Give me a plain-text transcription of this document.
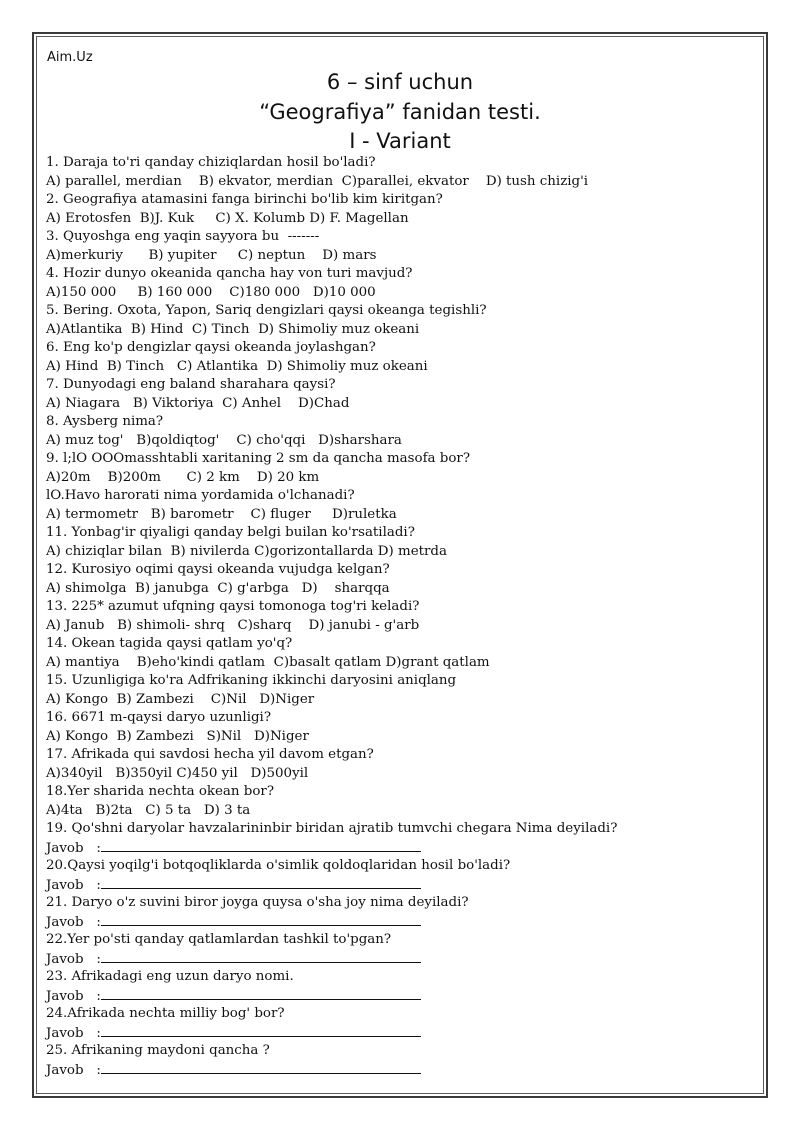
Aim.Uz
6 – sinf uchun
“Geografiya” fanidan testi.
I - Variant
1. Daraja to'ri qanday chiziqlardan hosil bo'ladi?
A) parallel, merdian    B) ekvator, merdian  C)parallei, ekvator    D) tush chizig'i
2. Geografiya atamasini fanga birinchi bo'lib kim kiritgan?
A) Erotosfen  B)J. Kuk     C) X. Kolumb D) F. Magellan
3. Quyoshga eng yaqin sayyora bu  -------
A)merkuriy      B) yupiter     C) neptun    D) mars
4. Hozir dunyo okeanida qancha hay von turi mavjud?
A)150 000     B) 160 000    C)180 000   D)10 000
5. Bering. Oxota, Yapon, Sariq dengizlari qaysi okeanga tegishli?
A)Atlantika  B) Hind  C) Tinch  D) Shimoliy muz okeani
6. Eng ko'p dengizlar qaysi okeanda joylashgan?
A) Hind  B) Tinch   C) Atlantika  D) Shimoliy muz okeani
7. Dunyodagi eng baland sharahara qaysi?
A) Niagara   B) Viktoriya  C) Anhel    D)Chad
8. Aysberg nima?
A) muz tog'   B)qoldiqtog'    C) cho'qqi   D)sharshara
9. l;lO OOOmasshtabli xaritaning 2 sm da qancha masofa bor?
A)20m    B)200m      C) 2 km    D) 20 km
lO.Havo harorati nima yordamida o'lchanadi?
A) termometr   B) barometr    C) fluger     D)ruletka
11. Yonbag'ir qiyaligi qanday belgi builan ko'rsatiladi?
A) chiziqlar bilan  B) nivilerda C)gorizontallarda D) metrda
12. Kurosiyo oqimi qaysi okeanda vujudga kelgan?
A) shimolga  B) janubga  C) g'arbga   D)    sharqqa
13. 225* azumut ufqning qaysi tomonoga tog'ri keladi?
A) Janub   B) shimoli- shrq   C)sharq    D) janubi - g'arb
14. Okean tagida qaysi qatlam yo'q?
A) mantiya    B)eho'kindi qatlam  C)basalt qatlam D)grant qatlam
15. Uzunligiga ko'ra Adfrikaning ikkinchi daryosini aniqlang
A) Kongo  B) Zambezi    C)Nil   D)Niger
16. 6671 m-qaysi daryo uzunligi?
A) Kongo  B) Zambezi   S)Nil   D)Niger
17. Afrikada qui savdosi hecha yil davom etgan?
A)340yil   B)350yil C)450 yil   D)500yil
18.Yer sharida nechta okean bor?
A)4ta   B)2ta   C) 5 ta   D) 3 ta
19. Qo'shni daryolar havzalarininbir biridan ajratib tumvchi chegara Nima deyiladi?
Javob   :
20.Qaysi yoqilg'i botqoqliklarda o'simlik qoldoqlaridan hosil bo'ladi?
Javob   :
21. Daryo o'z suvini biror joyga quysa o'sha joy nima deyiladi?
Javob   :
22.Yer po'sti qanday qatlamlardan tashkil to'pgan?
Javob   :
23. Afrikadagi eng uzun daryo nomi.
Javob   :
24.Afrikada nechta milliy bog' bor?
Javob   :
25. Afrikaning maydoni qancha ?
Javob   :
